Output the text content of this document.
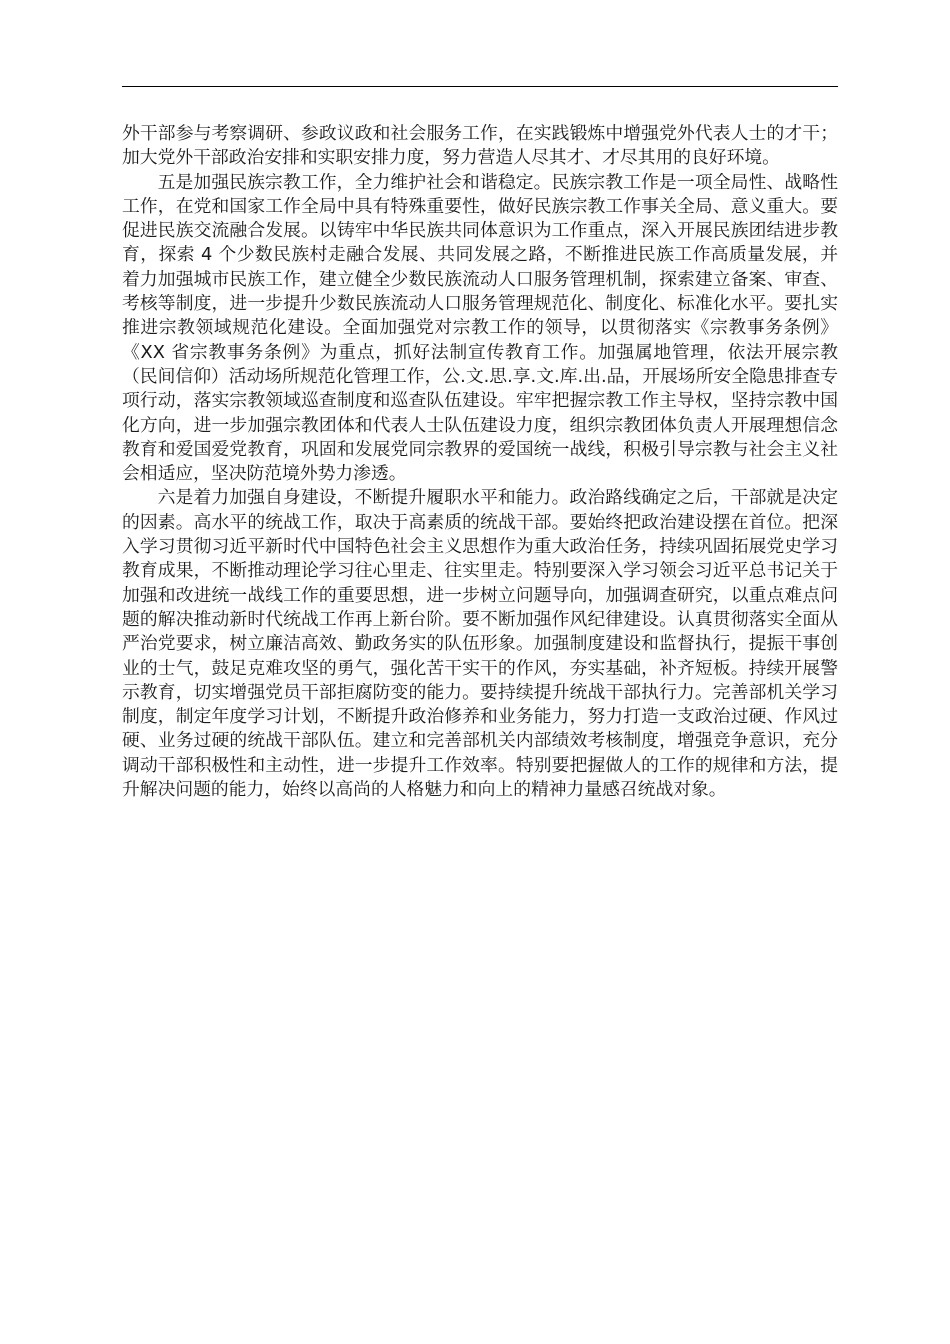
外干部参与考察调研、参政议政和社会服务工作，在实践锻炼中增强党外代表人士的才干；加大党外干部政治安排和实职安排力度，努力营造人尽其才、才尽其用的良好环境。

五是加强民族宗教工作，全力维护社会和谐稳定。民族宗教工作是一项全局性、战略性工作，在党和国家工作全局中具有特殊重要性，做好民族宗教工作事关全局、意义重大。要促进民族交流融合发展。以铸牢中华民族共同体意识为工作重点，深入开展民族团结进步教育，探索 4 个少数民族村走融合发展、共同发展之路，不断推进民族工作高质量发展，并着力加强城市民族工作，建立健全少数民族流动人口服务管理机制，探索建立备案、审查、考核等制度，进一步提升少数民族流动人口服务管理规范化、制度化、标准化水平。要扎实推进宗教领域规范化建设。全面加强党对宗教工作的领导，以贯彻落实《宗教事务条例》《XX 省宗教事务条例》为重点，抓好法制宣传教育工作。加强属地管理，依法开展宗教（民间信仰）活动场所规范化管理工作，公.文.思.享.文.库.出.品，开展场所安全隐患排查专项行动，落实宗教领域巡查制度和巡查队伍建设。牢牢把握宗教工作主导权，坚持宗教中国化方向，进一步加强宗教团体和代表人士队伍建设力度，组织宗教团体负责人开展理想信念教育和爱国爱党教育，巩固和发展党同宗教界的爱国统一战线，积极引导宗教与社会主义社会相适应，坚决防范境外势力渗透。

六是着力加强自身建设，不断提升履职水平和能力。政治路线确定之后，干部就是决定的因素。高水平的统战工作，取决于高素质的统战干部。要始终把政治建设摆在首位。把深入学习贯彻习近平新时代中国特色社会主义思想作为重大政治任务，持续巩固拓展党史学习教育成果，不断推动理论学习往心里走、往实里走。特别要深入学习领会习近平总书记关于加强和改进统一战线工作的重要思想，进一步树立问题导向，加强调查研究，以重点难点问题的解决推动新时代统战工作再上新台阶。要不断加强作风纪律建设。认真贯彻落实全面从严治党要求，树立廉洁高效、勤政务实的队伍形象。加强制度建设和监督执行，提振干事创业的士气，鼓足克难攻坚的勇气，强化苦干实干的作风，夯实基础，补齐短板。持续开展警示教育，切实增强党员干部拒腐防变的能力。要持续提升统战干部执行力。完善部机关学习制度，制定年度学习计划，不断提升政治修养和业务能力，努力打造一支政治过硬、作风过硬、业务过硬的统战干部队伍。建立和完善部机关内部绩效考核制度，增强竞争意识，充分调动干部积极性和主动性，进一步提升工作效率。特别要把握做人的工作的规律和方法，提升解决问题的能力，始终以高尚的人格魅力和向上的精神力量感召统战对象。
